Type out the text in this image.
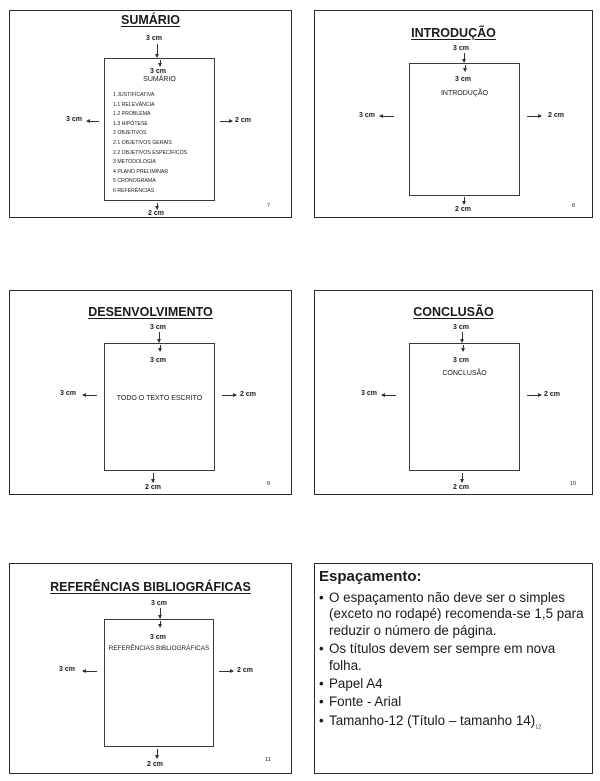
SUMÁRIO
3 cm
3 cm
SUMÁRIO
1 JUSTIFICATIVA
1.1 RELEVÂNCIA
1.2 PROBLEMA
1.3 HIPÓTESE
2 OBJETIVOS
2.1 OBJETIVOS GERAIS
2.2 OBJETIVOS ESPECÍFICOS
3 METODOLOGIA
4 PLANO PRELIMINAR
5 CRONOGRAMA
6 REFERÊNCIAS
3 cm	2 cm
2 cm
7
INTRODUÇÃO
3 cm
3 cm
INTRODUÇÃO
3 cm	2 cm
2 cm	8
DESENVOLVIMENTO
3 cm
3 cm
TODO O TEXTO ESCRITO
3 cm	2 cm
2 cm	9
CONCLUSÃO
3 cm
3 cm
CONCLUSÃO
3 cm	2 cm
2 cm	10
REFERÊNCIAS BIBLIOGRÁFICAS
3 cm
3 cm
REFERÊNCIAS BIBLIOGRÁFICAS
3 cm	2 cm
2 cm
11
Espaçamento:
• O espaçamento não deve ser o simples (exceto no rodapé) recomenda-se 1,5 para reduzir o número de página.
• Os títulos devem ser sempre em nova folha.
• Papel A4
• Fonte - Arial
• Tamanho-12 (Título – tamanho $14)_{12}$
